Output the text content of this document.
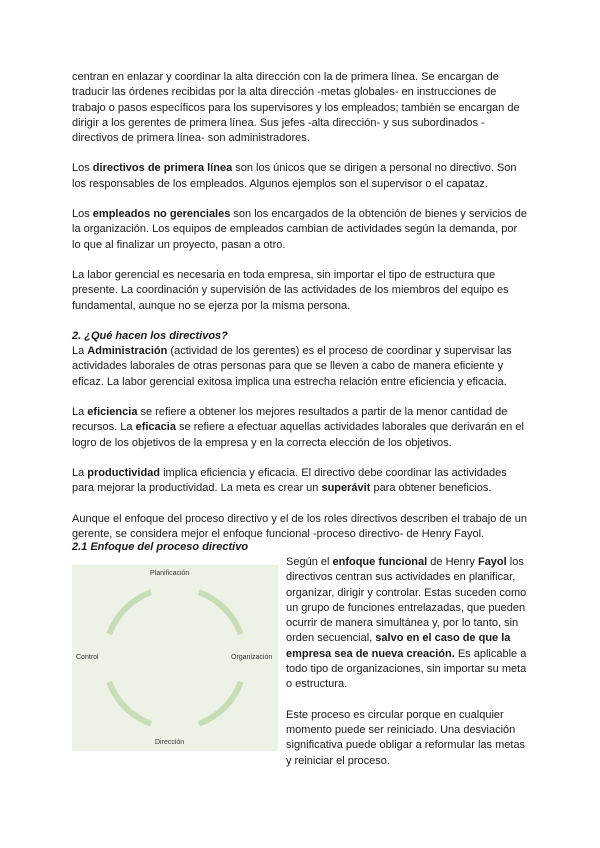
centran en enlazar y coordinar la alta dirección con la de primera línea. Se encargan de traducir las órdenes recibidas por la alta dirección -metas globales- en instrucciones de trabajo o pasos específicos para los supervisores y los empleados; también se encargan de dirigir a los gerentes de primera línea. Sus jefes -alta dirección- y sus subordinados -directivos de primera línea- son administradores.

Los directivos de primera línea son los únicos que se dirigen a personal no directivo. Son los responsables de los empleados. Algunos ejemplos son el supervisor o el capataz.

Los empleados no gerenciales son los encargados de la obtención de bienes y servicios de la organización. Los equipos de empleados cambian de actividades según la demanda, por lo que al finalizar un proyecto, pasan a otro.

La labor gerencial es necesaria en toda empresa, sin importar el tipo de estructura que presente. La coordinación y supervisión de las actividades de los miembros del equipo es fundamental, aunque no se ejerza por la misma persona.

2. ¿Qué hacen los directivos?

La Administración (actividad de los gerentes) es el proceso de coordinar y supervisar las actividades laborales de otras personas para que se lleven a cabo de manera eficiente y eficaz. La labor gerencial exitosa implica una estrecha relación entre eficiencia y eficacia.

La eficiencia se refiere a obtener los mejores resultados a partir de la menor cantidad de recursos. La eficacia se refiere a efectuar aquellas actividades laborales que derivarán en el logro de los objetivos de la empresa y en la correcta elección de los objetivos.

La productividad implica eficiencia y eficacia. El directivo debe coordinar las actividades para mejorar la productividad. La meta es crear un superávit para obtener beneficios.

Aunque el enfoque del proceso directivo y el de los roles directivos describen el trabajo de un gerente, se considera mejor el enfoque funcional -proceso directivo- de Henry Fayol.

2.1 Enfoque del proceso directivo
Planificación
Organización
Dirección
Control

Según el enfoque funcional de Henry Fayol los directivos centran sus actividades en planificar, organizar, dirigir y controlar. Estas suceden como un grupo de funciones entrelazadas, que pueden ocurrir de manera simultánea y, por lo tanto, sin orden secuencial, salvo en el caso de que la empresa sea de nueva creación. Es aplicable a todo tipo de organizaciones, sin importar su meta o estructura.

Este proceso es circular porque en cualquier momento puede ser reiniciado. Una desviación significativa puede obligar a reformular las metas y reiniciar el proceso.
